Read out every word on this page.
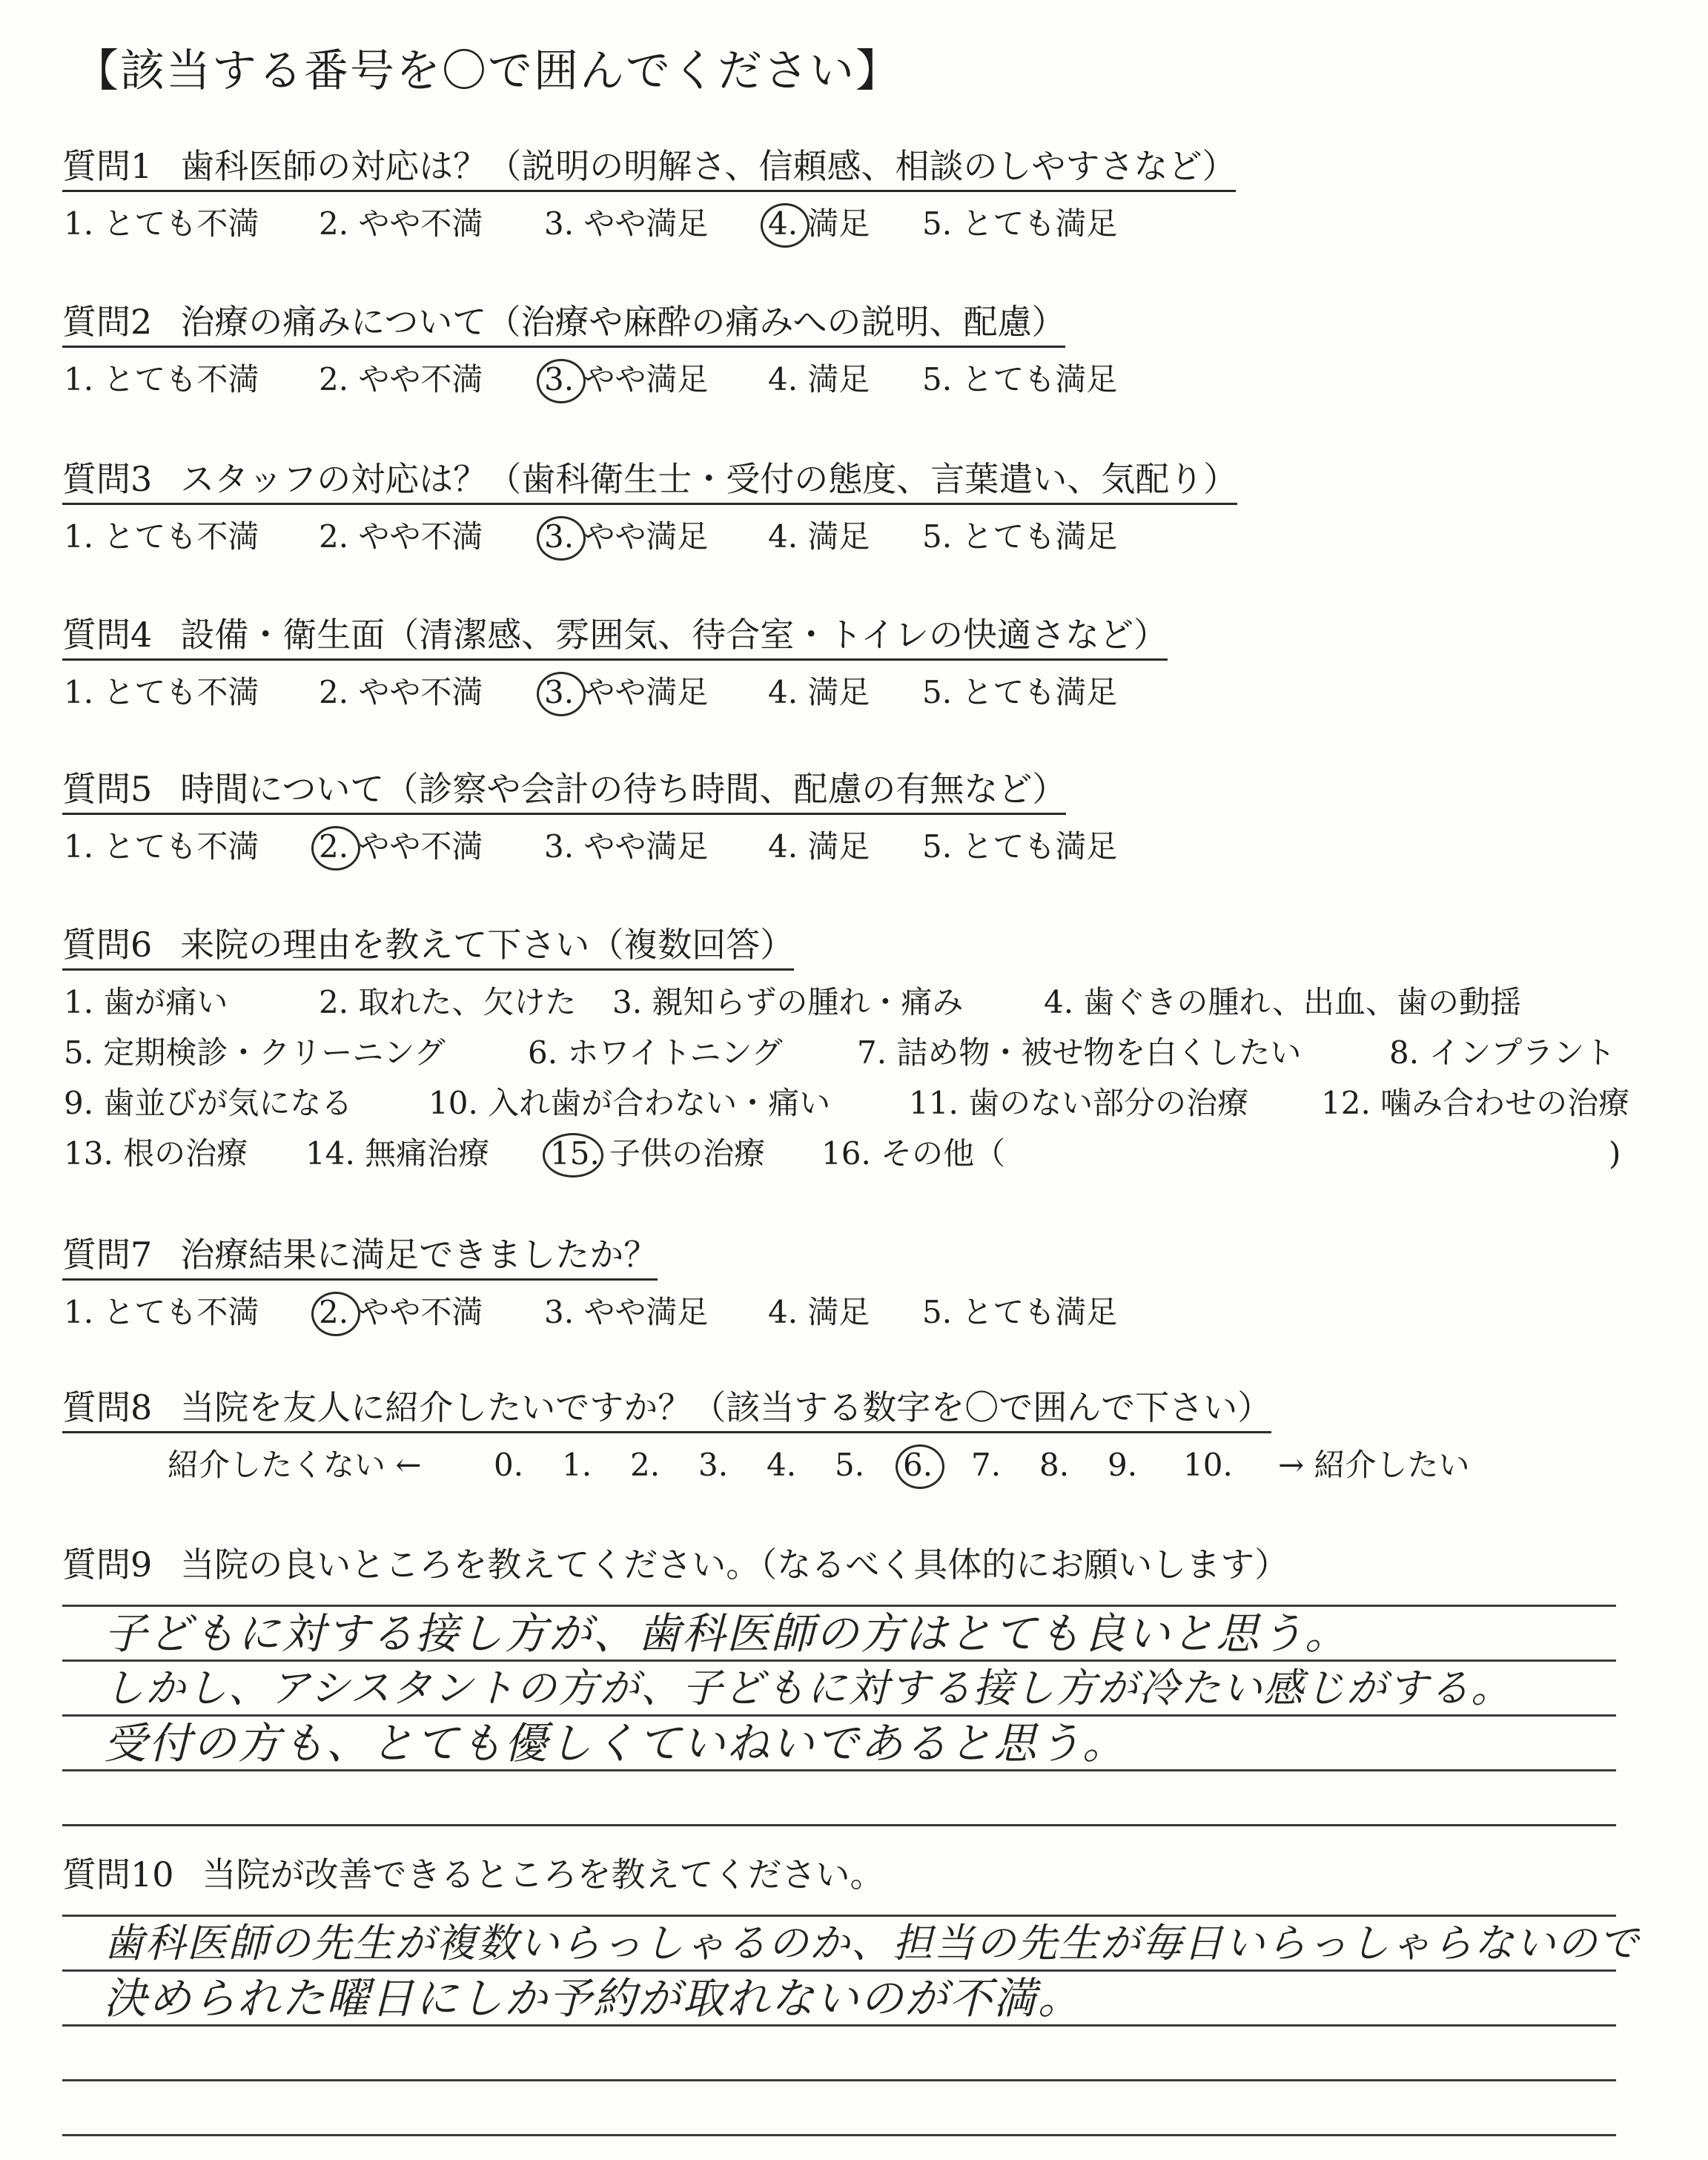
【該当する番号を〇で囲んでください】
質問1 歯科医師の対応は？（説明の明解さ、信頼感、相談のしやすさなど）
1. とても不満 2. やや不満 3. やや満足 4. 満足 5. とても満足
質問2 治療の痛みについて（治療や麻酔の痛みへの説明、配慮）
1. とても不満 2. やや不満 3. やや満足 4. 満足 5. とても満足
質問3 スタッフの対応は？（歯科衛生士・受付の態度、言葉遣い、気配り）
1. とても不満 2. やや不満 3. やや満足 4. 満足 5. とても満足
質問4 設備・衛生面（清潔感、雰囲気、待合室・トイレの快適さなど）
1. とても不満 2. やや不満 3. やや満足 4. 満足 5. とても満足
質問5 時間について（診察や会計の待ち時間、配慮の有無など）
1. とても不満 2. やや不満 3. やや満足 4. 満足 5. とても満足
質問6 来院の理由を教えて下さい（複数回答）
1. 歯が痛い	2. 取れた、欠けた 3. 親知らずの腫れ・痛み	4. 歯ぐきの腫れ、出血、歯の動揺
5. 定期検診・クリーニング	6. ホワイトニング 7. 詰め物・被せ物を白くしたい	8. インプラント
9. 歯並びが気になる 10. 入れ歯が合わない・痛い	11. 歯のない部分の治療 12. 噛み合わせの治療
13. 根の治療 14. 無痛治療 15. 子供の治療 16. その他（	)
質問7 治療結果に満足できましたか？
1. とても不満 2. やや不満 3. やや満足 4. 満足 5. とても満足
質問8 当院を友人に紹介したいですか？（該当する数字を〇で囲んで下さい）
紹介したくない ← 0. 1. 2. 3. 4. 5. 6. 7. 8. 9. 10. → 紹介したい
質問9 当院の良いところを教えてください。（なるべく具体的にお願いします）
子どもに対する接し方が、歯科医師の方はとても良いと思う。
しかし、アシスタントの方が、子どもに対する接し方が冷たい感じがする。
受付の方も、とても優しくていねいであると思う。
質問10 当院が改善できるところを教えてください。
歯科医師の先生が複数いらっしゃるのか、担当の先生が毎日いらっしゃらないので
決められた曜日にしか予約が取れないのが不満。
